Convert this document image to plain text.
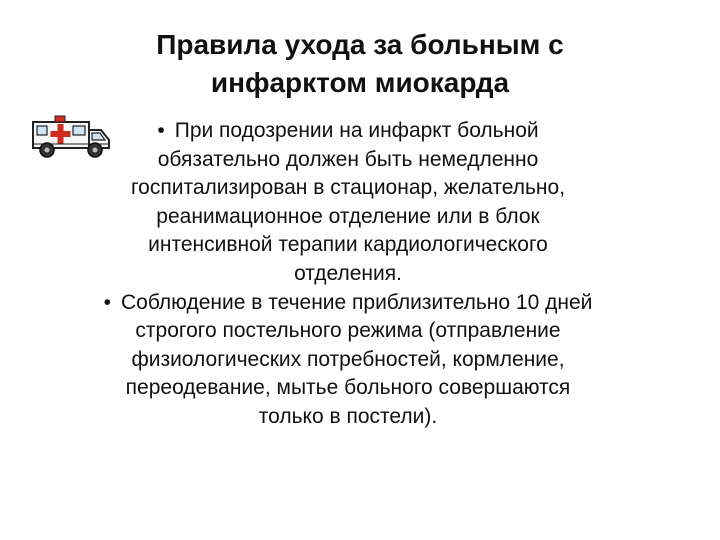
Правила ухода за больным с
инфарктом миокарда
• При подозрении на инфаркт больной
обязательно должен быть немедленно
госпитализирован в стационар, желательно,
реанимационное отделение или в блок
интенсивной терапии кардиологического
отделения.
• Соблюдение в течение приблизительно 10 дней
строгого постельного режима (отправление
физиологических потребностей, кормление,
переодевание, мытье больного совершаются
только в постели).
